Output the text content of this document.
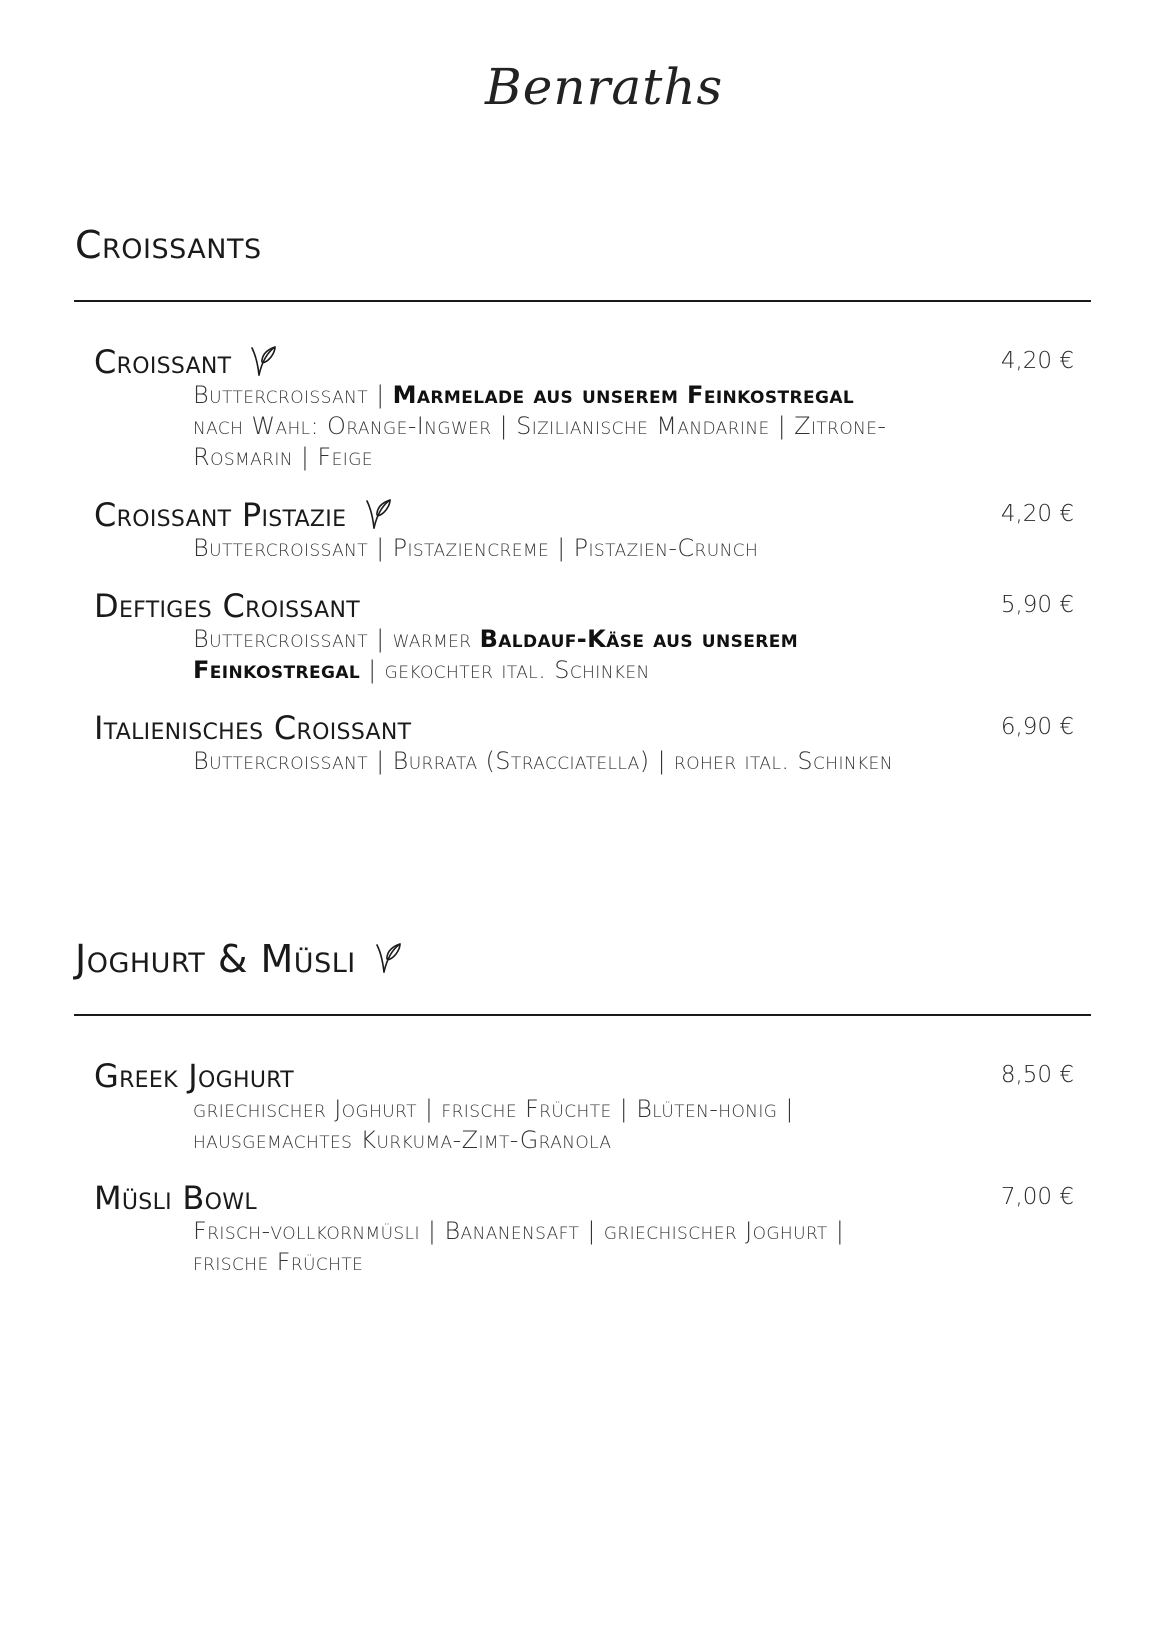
Benraths
Croissants
Croissant	4,20 €
Buttercroissant | Marmelade aus unserem Feinkostregal nach Wahl: Orange-Ingwer | Sizilianische Mandarine | Zitrone-Rosmarin | Feige
Croissant Pistazie	4,20 €
Buttercroissant | Pistaziencreme | Pistazien-Crunch
Deftiges Croissant	5,90 €
Buttercroissant | warmer Baldauf-Käse aus unserem Feinkostregal | gekochter ital. Schinken
Italienisches Croissant	6,90 €
Buttercroissant | Burrata (Stracciatella) | roher ital. Schinken
Joghurt & Müsli
Greek Joghurt	8,50 €
griechischer Joghurt | frische Früchte | Blüten-honig | hausgemachtes Kurkuma-Zimt-Granola
Müsli Bowl	7,00 €
Frisch-vollkornmüsli | Bananensaft | griechischer Joghurt | frische Früchte
